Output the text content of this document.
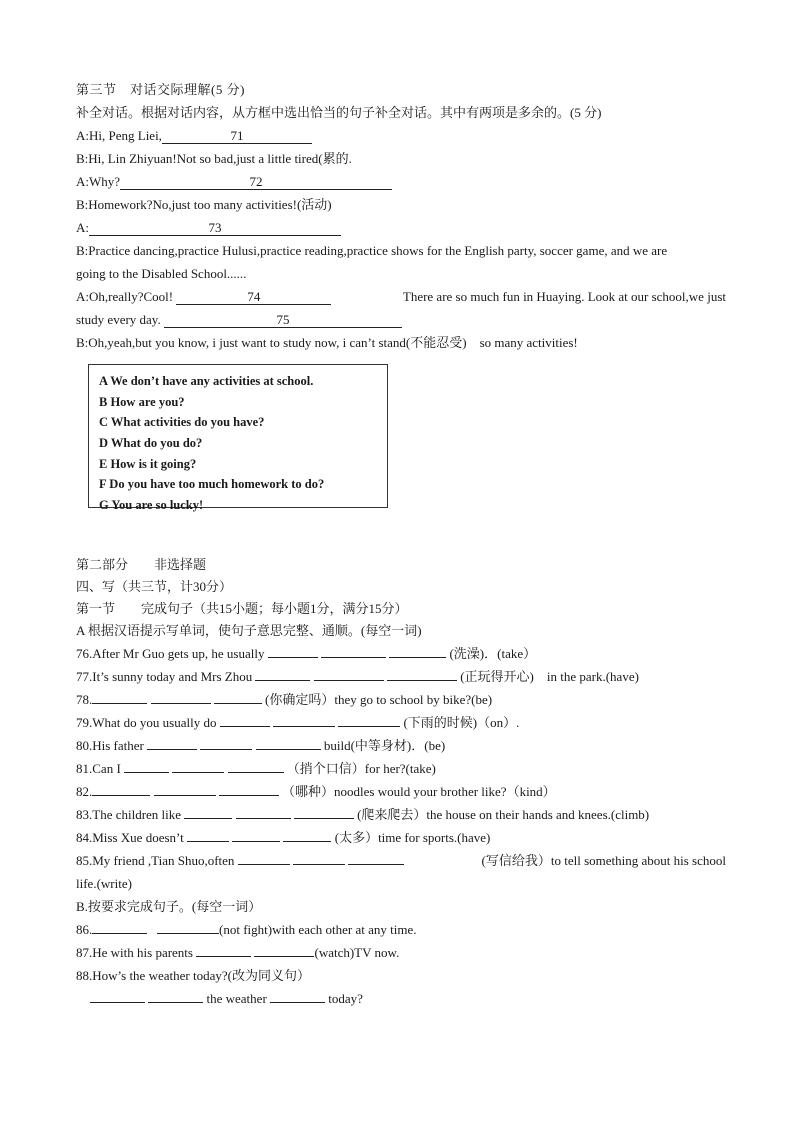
第三节　对话交际理解(5 分)
补全对话。根据对话内容，从方框中选出恰当的句子补全对话。其中有两项是多余的。(5 分)
A:Hi, Peng Liei,	71
B:Hi, Lin Zhiyuan!Not so bad,just a little tired(累的.
A:Why?	72
B:Homework?No,just too many activities!(活动)
A:	73
B:Practice dancing,practice Hulusi,practice reading,practice shows for the English party, soccer game, and we are
going to the Disabled School......
A:Oh,really?Cool!	74	There are so much fun in Huaying. Look at our school,we just
study every day.	75
B:Oh,yeah,but you know, i just want to study now, i can’t stand(不能忍受)　so many activities!
A We don’t have any activities at school.
B How are you?
C What activities do you have?
D What do you do?
E How is it going?
F Do you have too much homework to do?
G You are so lucky!
第二部分　　非选择题
四、写（共三节，计30分）
第一节　　完成句子（共15小题；每小题1分，满分15分）
A 根据汉语提示写单词，使句子意思完整、通顺。(每空一词)
76.After Mr Guo gets up, he usually	(洗澡)．(take）
77.It’s sunny today and Mrs Zhou	(正玩得开心)　in the park.(have)
78.	(你确定吗）they go to school by bike?(be)
79.What do you usually do	(下雨的时候)（on）.
80.His father	build(中等身材)．(be)
81.Can I	（捎个口信）for her?(take)
82.	（哪种）noodles would your brother like?（kind）
83.The children like	(爬来爬去）the house on their hands and knees.(climb)
84.Miss Xue doesn’t	(太多）time for sports.(have)
85.My friend ,Tian Shuo,often	(写信给我）to tell something about his school
life.(write)
B.按要求完成句子。(每空一词）
86.	(not fight)with each other at any time.
87.He with his parents	(watch)TV now.
88.How’s the weather today?(改为同义句）
the weather	today?
